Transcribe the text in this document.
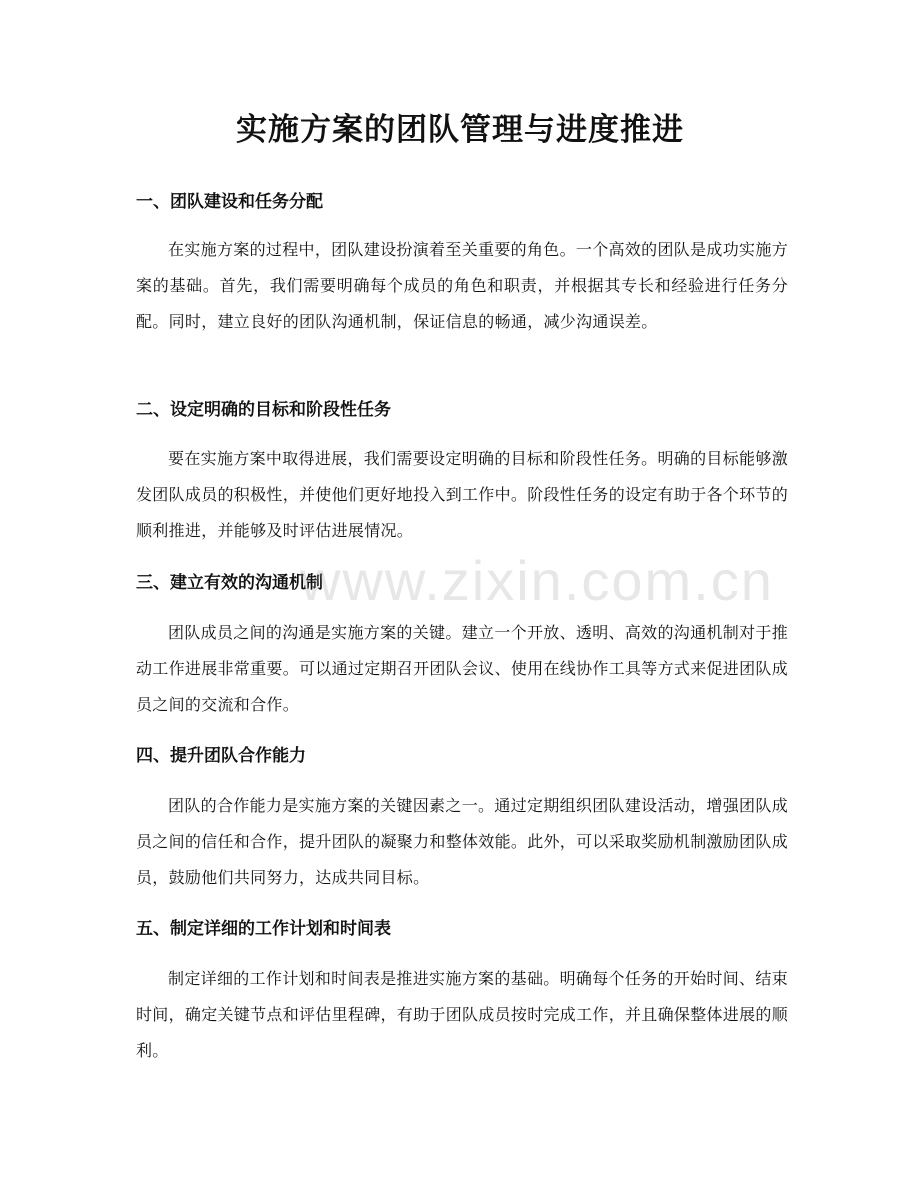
实施方案的团队管理与进度推进
一、团队建设和任务分配

在实施方案的过程中，团队建设扮演着至关重要的角色。一个高效的团队是成功实施方案的基础。首先，我们需要明确每个成员的角色和职责，并根据其专长和经验进行任务分配。同时，建立良好的团队沟通机制，保证信息的畅通，减少沟通误差。

二、设定明确的目标和阶段性任务

要在实施方案中取得进展，我们需要设定明确的目标和阶段性任务。明确的目标能够激发团队成员的积极性，并使他们更好地投入到工作中。阶段性任务的设定有助于各个环节的顺利推进，并能够及时评估进展情况。

三、建立有效的沟通机制

团队成员之间的沟通是实施方案的关键。建立一个开放、透明、高效的沟通机制对于推动工作进展非常重要。可以通过定期召开团队会议、使用在线协作工具等方式来促进团队成员之间的交流和合作。

四、提升团队合作能力

团队的合作能力是实施方案的关键因素之一。通过定期组织团队建设活动，增强团队成员之间的信任和合作，提升团队的凝聚力和整体效能。此外，可以采取奖励机制激励团队成员，鼓励他们共同努力，达成共同目标。

五、制定详细的工作计划和时间表

制定详细的工作计划和时间表是推进实施方案的基础。明确每个任务的开始时间、结束时间，确定关键节点和评估里程碑，有助于团队成员按时完成工作，并且确保整体进展的顺利。

www.zixin.com.cn
